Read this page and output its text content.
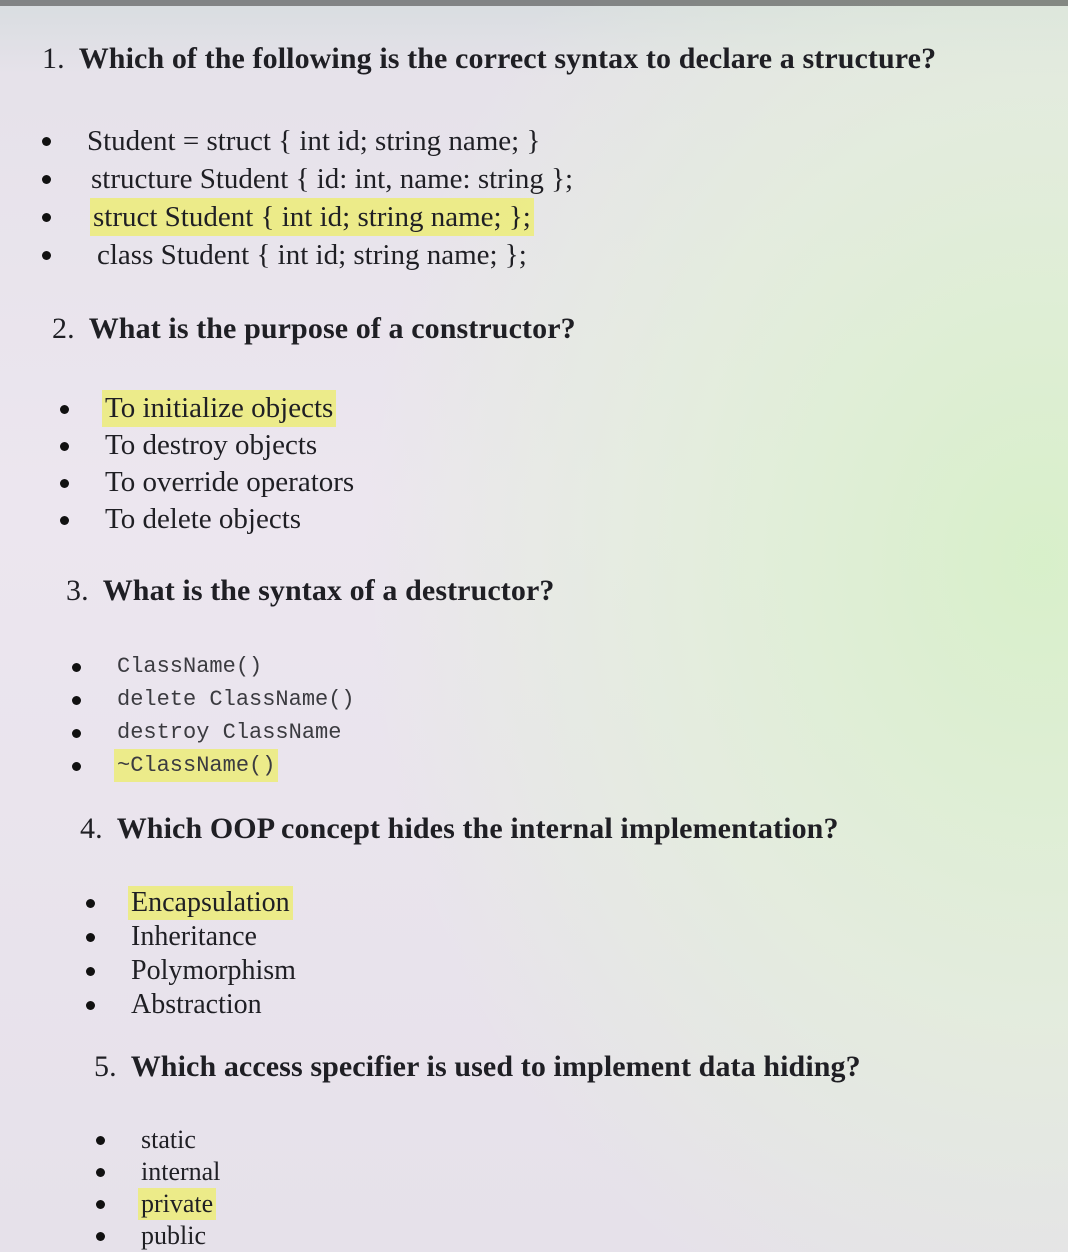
1. Which of the following is the correct syntax to declare a structure?
Student = struct { int id; string name; }
structure Student { id: int, name: string };
struct Student { int id; string name; };
class Student { int id; string name; };
2. What is the purpose of a constructor?
To initialize objects
To destroy objects
To override operators
To delete objects
3. What is the syntax of a destructor?
ClassName()
delete ClassName()
destroy ClassName
~ClassName()
4. Which OOP concept hides the internal implementation?
Encapsulation
Inheritance
Polymorphism
Abstraction
5. Which access specifier is used to implement data hiding?
static
internal
private
public
